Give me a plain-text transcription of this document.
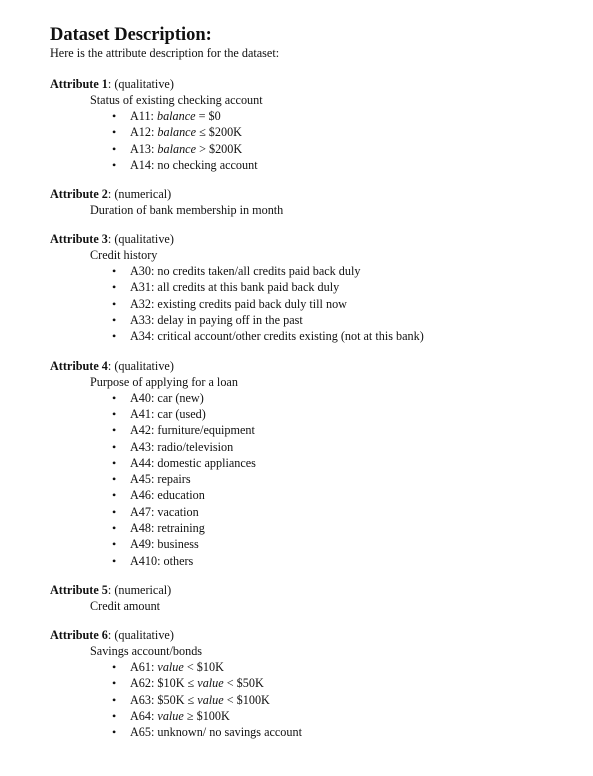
Dataset Description:

Here is the attribute description for the dataset:

Attribute 1: (qualitative)

Status of existing checking account

• A11: balance = $0
• A12: balance ≤ $200K
• A13: balance > $200K
• A14: no checking account

Attribute 2: (numerical)

Duration of bank membership in month

Attribute 3: (qualitative)

Credit history

• A30: no credits taken/all credits paid back duly
• A31: all credits at this bank paid back duly
• A32: existing credits paid back duly till now
• A33: delay in paying off in the past
• A34: critical account/other credits existing (not at this bank)

Attribute 4: (qualitative)

Purpose of applying for a loan

• A40: car (new)
• A41: car (used)
• A42: furniture/equipment
• A43: radio/television
• A44: domestic appliances
• A45: repairs
• A46: education
• A47: vacation
• A48: retraining
• A49: business
• A410: others

Attribute 5: (numerical)

Credit amount

Attribute 6: (qualitative)

Savings account/bonds

• A61: value < $10K
• A62: $10K ≤ value < $50K
• A63: $50K ≤ value < $100K
• A64: value ≥ $100K
• A65: unknown/ no savings account
